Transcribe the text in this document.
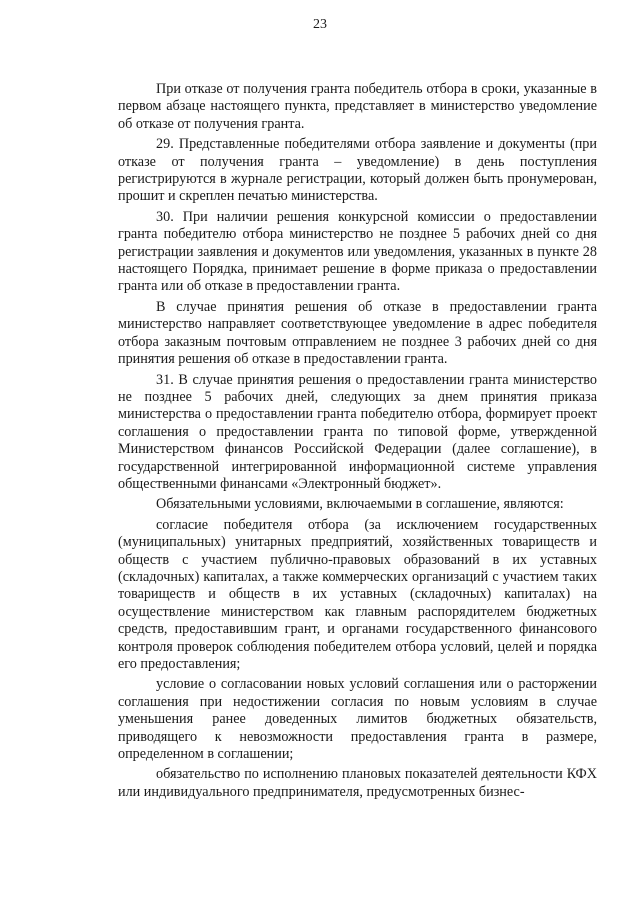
23

При отказе от получения гранта победитель отбора в сроки, указанные в первом абзаце настоящего пункта, представляет в министерство уведомление об отказе от получения гранта.

29. Представленные победителями отбора заявление и документы (при отказе от получения гранта – уведомление) в день поступления регистрируются в журнале регистрации, который должен быть пронумерован, прошит и скреплен печатью министерства.

30. При наличии решения конкурсной комиссии о предоставлении гранта победителю отбора министерство не позднее 5 рабочих дней со дня регистрации заявления и документов или уведомления, указанных в пункте 28 настоящего Порядка, принимает решение в форме приказа о предоставлении гранта или об отказе в предоставлении гранта.

В случае принятия решения об отказе в предоставлении гранта министерство направляет соответствующее уведомление в адрес победителя отбора заказным почтовым отправлением не позднее 3 рабочих дней со дня принятия решения об отказе в предоставлении гранта.

31. В случае принятия решения о предоставлении гранта министерство не позднее 5 рабочих дней, следующих за днем принятия приказа министерства о предоставлении гранта победителю отбора, формирует проект соглашения о предоставлении гранта по типовой форме, утвержденной Министерством финансов Российской Федерации (далее соглашение), в государственной интегрированной информационной системе управления общественными финансами «Электронный бюджет».

Обязательными условиями, включаемыми в соглашение, являются:

согласие победителя отбора (за исключением государственных (муниципальных) унитарных предприятий, хозяйственных товариществ и обществ с участием публично-правовых образований в их уставных (складочных) капиталах, а также коммерческих организаций с участием таких товариществ и обществ в их уставных (складочных) капиталах) на осуществление министерством как главным распорядителем бюджетных средств, предоставившим грант, и органами государственного финансового контроля проверок соблюдения победителем отбора условий, целей и порядка его предоставления;

условие о согласовании новых условий соглашения или о расторжении соглашения при недостижении согласия по новым условиям в случае уменьшения ранее доведенных лимитов бюджетных обязательств, приводящего к невозможности предоставления гранта в размере, определенном в соглашении;

обязательство по исполнению плановых показателей деятельности КФХ или индивидуального предпринимателя, предусмотренных бизнес-
